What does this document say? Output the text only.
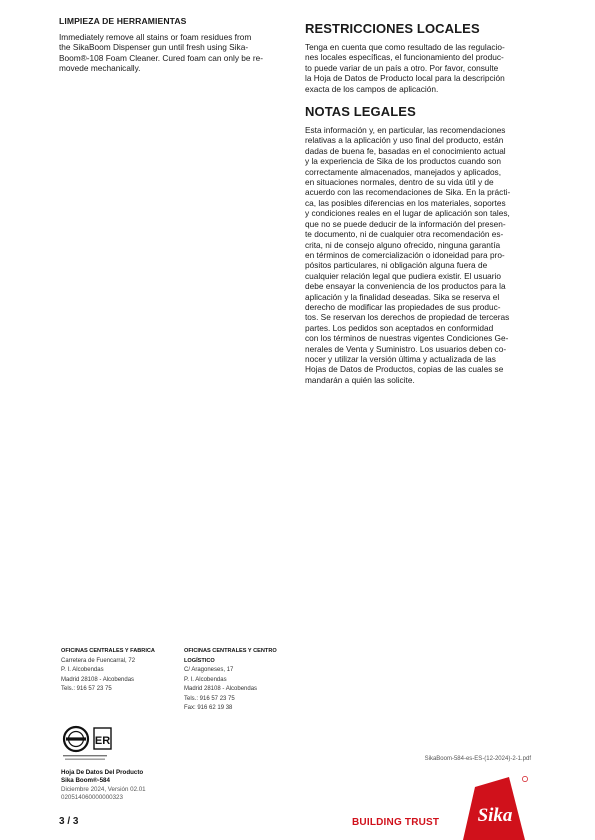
LIMPIEZA DE HERRAMIENTAS

Immediately remove all stains or foam residues from
the SikaBoom Dispenser gun until fresh using Sika-
Boom®-108 Foam Cleaner. Cured foam can only be re-
movede mechanically.

RESTRICCIONES LOCALES

Tenga en cuenta que como resultado de las regulacio-
nes locales específicas, el funcionamiento del produc-
to puede variar de un país a otro. Por favor, consulte
la Hoja de Datos de Producto local para la descripción
exacta de los campos de aplicación.

NOTAS LEGALES

Esta información y, en particular, las recomendaciones
relativas a la aplicación y uso final del producto, están
dadas de buena fe, basadas en el conocimiento actual
y la experiencia de Sika de los productos cuando son
correctamente almacenados, manejados y aplicados,
en situaciones normales, dentro de su vida útil y de
acuerdo con las recomendaciones de Sika. En la prácti-
ca, las posibles diferencias en los materiales, soportes
y condiciones reales en el lugar de aplicación son tales,
que no se puede deducir de la información del presen-
te documento, ni de cualquier otra recomendación es-
crita, ni de consejo alguno ofrecido, ninguna garantía
en términos de comercialización o idoneidad para pro-
pósitos particulares, ni obligación alguna fuera de
cualquier relación legal que pudiera existir. El usuario
debe ensayar la conveniencia de los productos para la
aplicación y la finalidad deseadas. Sika se reserva el
derecho de modificar las propiedades de sus produc-
tos. Se reservan los derechos de propiedad de terceras
partes. Los pedidos son aceptados en conformidad
con los términos de nuestras vigentes Condiciones Ge-
nerales de Venta y Suministro. Los usuarios deben co-
nocer y utilizar la versión última y actualizada de las
Hojas de Datos de Productos, copias de las cuales se
mandarán a quién las solicite.

OFICINAS CENTRALES Y FABRICA
Carretera de Fuencarral, 72
P. I. Alcobendas
Madrid 28108 - Alcobendas
Tels.: 916 57 23 75
OFICINAS CENTRALES Y CENTRO LOGÍSTICO
C/ Aragoneses, 17
P. I. Alcobendas
Madrid 28108 - Alcobendas
Tels.: 916 57 23 75
Fax: 916 62 19 38
ER
Hoja De Datos Del Producto
Sika Boom®-584
Diciembre 2024, Versión 02.01
020514060000000323
SikaBoom-584-es-ES-(12-2024)-2-1.pdf
3 / 3	BUILDING TRUST Sika
